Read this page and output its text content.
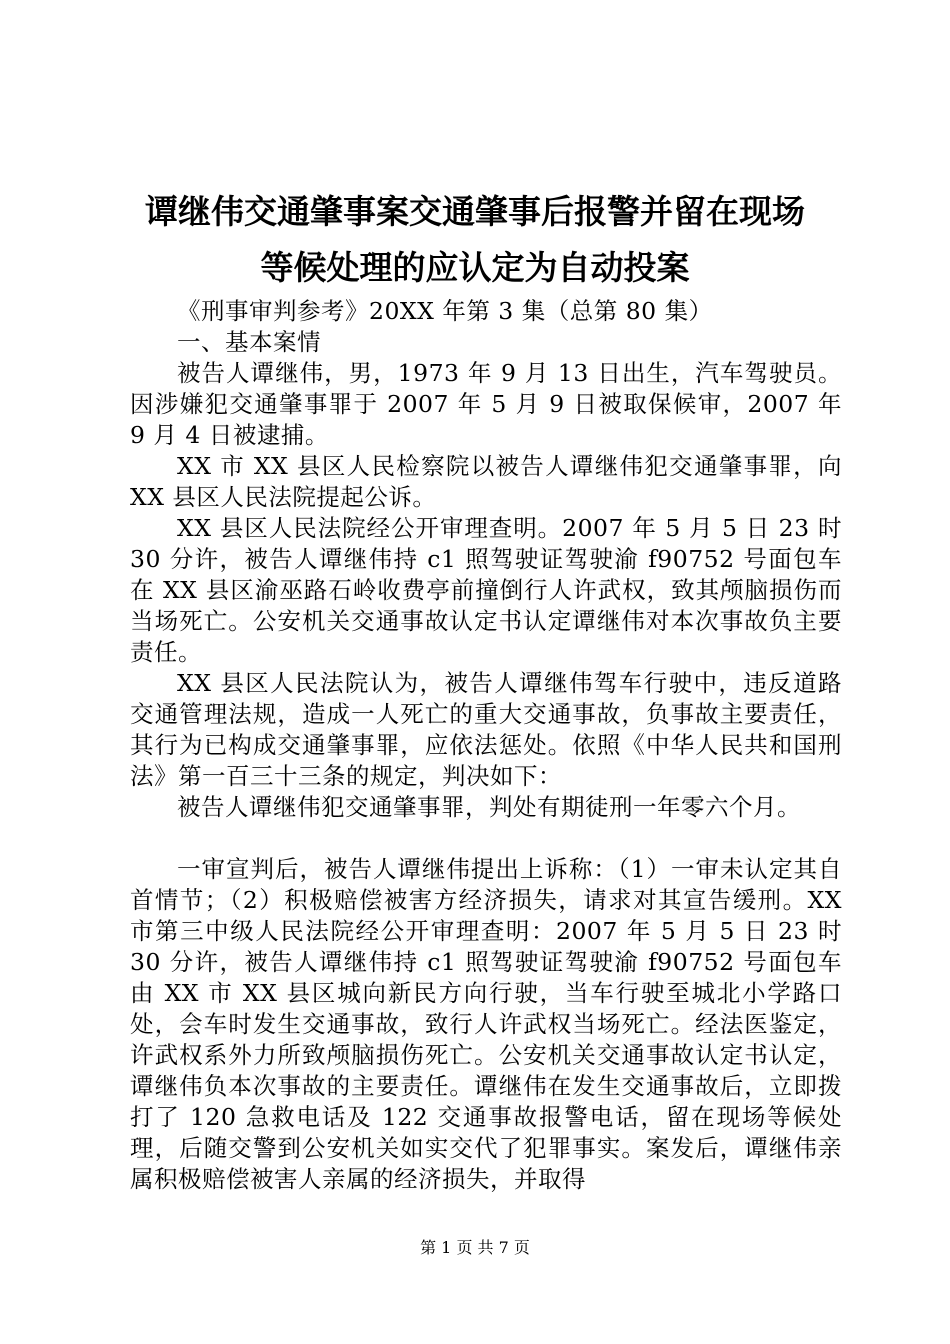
谭继伟交通肇事案交通肇事后报警并留在现场
等候处理的应认定为自动投案

《刑事审判参考》20XX 年第 3 集（总第 80 集）

一、基本案情

被告人谭继伟，男，1973 年 9 月 13 日出生，汽车驾驶员。因涉嫌犯交通肇事罪于 2007 年 5 月 9 日被取保候审，2007 年 9 月 4 日被逮捕。

XX 市 XX 县区人民检察院以被告人谭继伟犯交通肇事罪，向 XX 县区人民法院提起公诉。

XX 县区人民法院经公开审理查明。2007 年 5 月 5 日 23 时 30 分许，被告人谭继伟持 c1 照驾驶证驾驶渝 f90752 号面包车在 XX 县区渝巫路石岭收费亭前撞倒行人许武权，致其颅脑损伤而当场死亡。公安机关交通事故认定书认定谭继伟对本次事故负主要责任。

XX 县区人民法院认为，被告人谭继伟驾车行驶中，违反道路交通管理法规，造成一人死亡的重大交通事故，负事故主要责任，其行为已构成交通肇事罪，应依法惩处。依照《中华人民共和国刑法》第一百三十三条的规定，判决如下：

被告人谭继伟犯交通肇事罪，判处有期徒刑一年零六个月。

一审宣判后，被告人谭继伟提出上诉称：（1）一审未认定其自首情节；（2）积极赔偿被害方经济损失，请求对其宣告缓刑。XX 市第三中级人民法院经公开审理查明：2007 年 5 月 5 日 23 时 30 分许，被告人谭继伟持 c1 照驾驶证驾驶渝 f90752 号面包车由 XX 市 XX 县区城向新民方向行驶，当车行驶至城北小学路口处，会车时发生交通事故，致行人许武权当场死亡。经法医鉴定，许武权系外力所致颅脑损伤死亡。公安机关交通事故认定书认定，谭继伟负本次事故的主要责任。谭继伟在发生交通事故后，立即拨打了 120 急救电话及 122 交通事故报警电话，留在现场等候处理，后随交警到公安机关如实交代了犯罪事实。案发后，谭继伟亲属积极赔偿被害人亲属的经济损失，并取得

第 1 页 共 7 页
